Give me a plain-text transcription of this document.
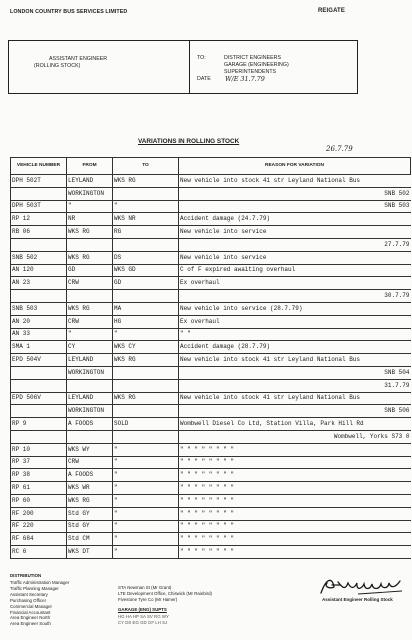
LONDON COUNTRY BUS SERVICES LIMITED	REIGATE
ASSISTANT ENGINEER
(ROLLING STOCK)
TO:	DISTRICT ENGINEERS
GARAGE (ENGINEERING)
SUPERINTENDENTS
DATE W/E 31.7.79
VARIATIONS IN ROLLING STOCK
26.7.79
VEHICLE NUMBER	FROM	TO	REASON FOR VARIATION
DPH 502T	LEYLAND	WKS RG	New vehicle into stock 41 str Leyland National Bus
	WORKINGTON		SNB 502
DPH 503T	"	"	SNB 503
RP 12	NR	WKS NR	Accident damage (24.7.79)
RB 06	WKS RG	RG	New vehicle into service
			27.7.79
SNB 502	WKS RG	DS	New vehicle into service
AN 120	GD	WKS GD	C of F expired awaiting overhaul
AN 23	CRW	GD	Ex overhaul
			30.7.79
SNB 503	WKS RG	MA	New vehicle into service (28.7.79)
AN 20	CRW	HG	Ex overhaul
AN 33	"	"	" "
SMA 1	CY	WKS CY	Accident damage (28.7.79)
EPD 504V	LEYLAND	WKS RG	New vehicle into stock 41 str Leyland National Bus
	WORKINGTON		SNB 504
			31.7.79
EPD 506V	LEYLAND	WKS RG	New vehicle into stock 41 str Leyland National Bus
	WORKINGTON		SNB 506
RP 9	A FOODS	SOLD	Wombwell Diesel Co Ltd, Station Villa, Park Hill Rd
			Wombwell, Yorks S73 0
RP 10	WKS WY	"	" " " " " " " "
RP 37	CRW	"	" " " " " " " "
RP 38	A FOODS	"	" " " " " " " "
RP 61	WKS WR	"	" " " " " " " "
RP 60	WKS RG	"	" " " " " " " "
RF 200	Std GY	"	" " " " " " " "
RF 220	Std GY	"	" " " " " " " "
RF 684	Std CM	"	" " " " " " " "
RC 6	WKS DT	"	" " " " " " " "
DISTRIBUTION
Traffic Administration Manager
Traffic Planning Manager
Assistant Secretary
Purchasing Officer
Commercial Manager
Financial Accountant
Area Engineer North
Area Engineer South
STA Newman St (Mr Grant)
LTE Development Office, Chiswick (Mr Rainbird)
Fivestone Tyre Co (Mr Hamer)
GARAGE (ENG) SUPTS
HG HA HP SA SV RG WY
CY DS EG GD GF LH SJ
Assistant Engineer Rolling Stock
